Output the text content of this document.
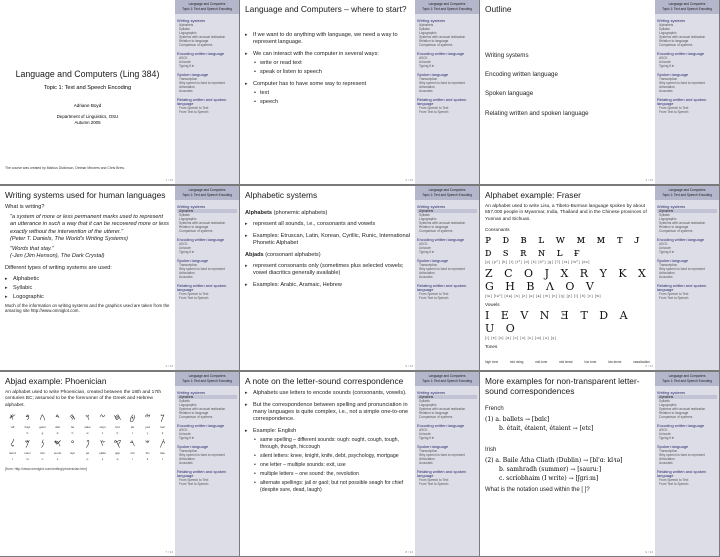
Language and Computers (Ling 384)
Topic 1: Text and Speech Encoding
Adriane Boyd
Department of Linguistics, OSU
Autumn 2005
The course was created by Markus Dickinson, Detmar Meurers and Chris Brew.
Language and Computers
Topic 1: Text and Speech Encoding
Writing systems
Alphabets
Syllabic
Logographic
Systems with unusual realization
Relation to language
Comparison of systems
Encoding written language
ASCII
Unicode
Typing it in
Spoken language
Transcription
Why speech is hard to represent
Articulation
Acoustics
Relating written and spoken language
From Speech to Text
From Text to Speech
1 / 34
Language and Computers – where to start?
▸ If we want to do anything with language, we need a way to represent language.
▸ We can interact with the computer in several ways:
• write or read text
• speak or listen to speech
▸ Computer has to have some way to represent
• text
• speech
Language and Computers
Topic 1: Text and Speech Encoding
Writing systems
Alphabets
Syllabic
Logographic
Systems with unusual realization
Relation to language
Comparison of systems
Encoding written language
ASCII
Unicode
Typing it in
Spoken language
Transcription
Why speech is hard to represent
Articulation
Acoustics
Relating written and spoken language
From Speech to Text
From Text to Speech
2 / 34
Outline

Writing systems

Encoding written language

Spoken language

Relating written and spoken language

Language and Computers
Topic 1: Text and Speech Encoding
Writing systems
Alphabets
Syllabic
Logographic
Systems with unusual realization
Relation to language
Comparison of systems
Encoding written language
ASCII
Unicode
Typing it in
Spoken language
Transcription
Why speech is hard to represent
Articulation
Acoustics
Relating written and spoken language
From Speech to Text
From Text to Speech
3 / 34
Writing systems used for human languages

What is writing?

"a system of more or less permanent marks used to represent an utterance in such a way that it can be recovered more or less exactly without the intervention of the utterer."

(Peter T. Daniels, The World's Writing Systems)

"Words that stay."

(-Jen (Jim Henson), The Dark Crystal)

Different types of writing systems are used:

▸ Alphabetic
▸ Syllabic
▸ Logographic
Much of the information on writing systems and the graphics used are taken from the amazing site http://www.omniglot.com.
Language and Computers
Topic 1: Text and Speech Encoding
Writing systems
Alphabets
Syllabic
Logographic
Systems with unusual realization
Relation to language
Comparison of systems
Encoding written language
ASCII
Unicode
Typing it in
Spoken language
Transcription
Why speech is hard to represent
Articulation
Acoustics
Relating written and spoken language
From Speech to Text
From Text to Speech
4 / 34
Alphabetic systems
Alphabets (phonemic alphabets)
▸ represent all sounds, i.e., consonants and vowels
▸ Examples: Etruscan, Latin, Korean, Cyrillic, Runic, International Phonetic Alphabet
Abjads (consonant alphabets)
▸ represent consonants only (sometimes plus selected vowels; vowel diacritics generally available)
▸ Examples: Arabic, Aramaic, Hebrew
Language and Computers
Topic 1: Text and Speech Encoding
Writing systems
Alphabets
Syllabic
Logographic
Systems with unusual realization
Relation to language
Comparison of systems
Encoding written language
ASCII
Unicode
Typing it in
Spoken language
Transcription
Why speech is hard to represent
Articulation
Acoustics
Relating written and spoken language
From Speech to Text
From Text to Speech
5 / 34
Alphabet example: Fraser
An alphabet used to write Lisu, a Tibeto-Burman language spoken by about 657,000 people in Myanmar, India, Thailand and in the Chinese provinces of Yunnan and Sichuan.
Consonants
ᴘ ᴅ ʙ ʟ ᴡ ᴍ ᴍ ᴛ ᴊ ᴅ s ʀ ɴ ʟ ғ
[p] [pʰ] [b] [t] [tʰ] [d] [k] [kʰ] [g] [ʔ] [ts] [tsʰ] [dz]
Z C O J X R Y K X G H B Ʌ O V
[tɕ] [tɕʰ] [dʑ] [s] [z] [ɕ] [ʑ] [m] [n] [ŋ] [ɲ] [l] [h] [x] [w]
Vowels
I E V N Ǝ T D A U O
[i] [e] [ɛ] [a] [ɔ] [o] [u] [ɯ] [ə] [y]
Tones
high tone	mid rising	mid tone	mid tense	low tone	low tense	nasalization
Language and Computers
Topic 1: Text and Speech Encoding
Writing systems
Alphabets
Syllabic
Logographic
Systems with unusual realization
Relation to language
Comparison of systems
Encoding written language
ASCII
Unicode
Typing it in
Spoken language
Transcription
Why speech is hard to represent
Articulation
Acoustics
Relating written and spoken language
From Speech to Text
From Text to Speech
6 / 34
Abjad example: Phoenician
An alphabet used to write Phoenician, created between the 18th and 17th centuries BC; assumed to be the forerunner of the Greek and Hebrew alphabet.
𐤀	𐤁	𐤂	𐤃	𐤄	𐤅	𐤆 𐤇 𐤈	𐤉	𐤊
'alf	bayt	gaml	delt	hē	wāw	zayn	ḥēt	ṭēt	yod	kaf
ʾ	b	g	d	h	w	z	ḥ	ṭ	y	k
𐤋	𐤌	𐤍	𐤎	𐤏	𐤐	𐤑 𐤒 𐤓	𐤔	𐤕
lamd	mēm	nūn	semk	'ayn	pē	ṣādē	qōp	rōš	šin	tāw
l	m	n	s	ʿ	p	ṣ	q	r	š	t
[from: http://www.omniglot.com/writing/phoenician.htm]
Language and Computers
Topic 1: Text and Speech Encoding
Writing systems
Alphabets
Syllabic
Logographic
Systems with unusual realization
Relation to language
Comparison of systems
Encoding written language
ASCII
Unicode
Typing it in
Spoken language
Transcription
Why speech is hard to represent
Articulation
Acoustics
Relating written and spoken language
From Speech to Text
From Text to Speech
7 / 34
A note on the letter-sound correspondence
▸ Alphabets use letters to encode sounds (consonants, vowels).
▸ But the correspondence between spelling and pronunciation in many languages is quite complex, i.e., not a simple one-to-one correspondence.
▸ Example: English
• same spelling – different sounds: ough: ought, cough, tough, through, though, hiccough
• silent letters: knee, knight, knife, debt, psychology, mortgage
• one letter – multiple sounds: exit, use
• multiple letters – one sound: the, revolution
• alternate spellings: jail or gaol; but not possible seagh for chief (despite sure, dead, laugh)
Language and Computers
Topic 1: Text and Speech Encoding
Writing systems
Alphabets
Syllabic
Logographic
Systems with unusual realization
Relation to language
Comparison of systems
Encoding written language
ASCII
Unicode
Typing it in
Spoken language
Transcription
Why speech is hard to represent
Articulation
Acoustics
Relating written and spoken language
From Speech to Text
From Text to Speech
8 / 34
More examples for non-transparent letter-sound correspondences
French
(1) a. ballets → [bɑlɛ]
b. était, étaient, étaient → [etɛ]
Irish
(2) a. Baile Átha Cliath (Dublin) → [bl'ɑː klʲɪə]
b. samhradh (summer) → [sauruː]
c. scríobhaim (I write) → [ʃgriːm]
What is the notation used within the [ ]?
Language and Computers
Topic 1: Text and Speech Encoding
Writing systems
Alphabets
Syllabic
Logographic
Systems with unusual realization
Relation to language
Comparison of systems
Encoding written language
ASCII
Unicode
Typing it in
Spoken language
Transcription
Why speech is hard to represent
Articulation
Acoustics
Relating written and spoken language
From Speech to Text
From Text to Speech
9 / 34
